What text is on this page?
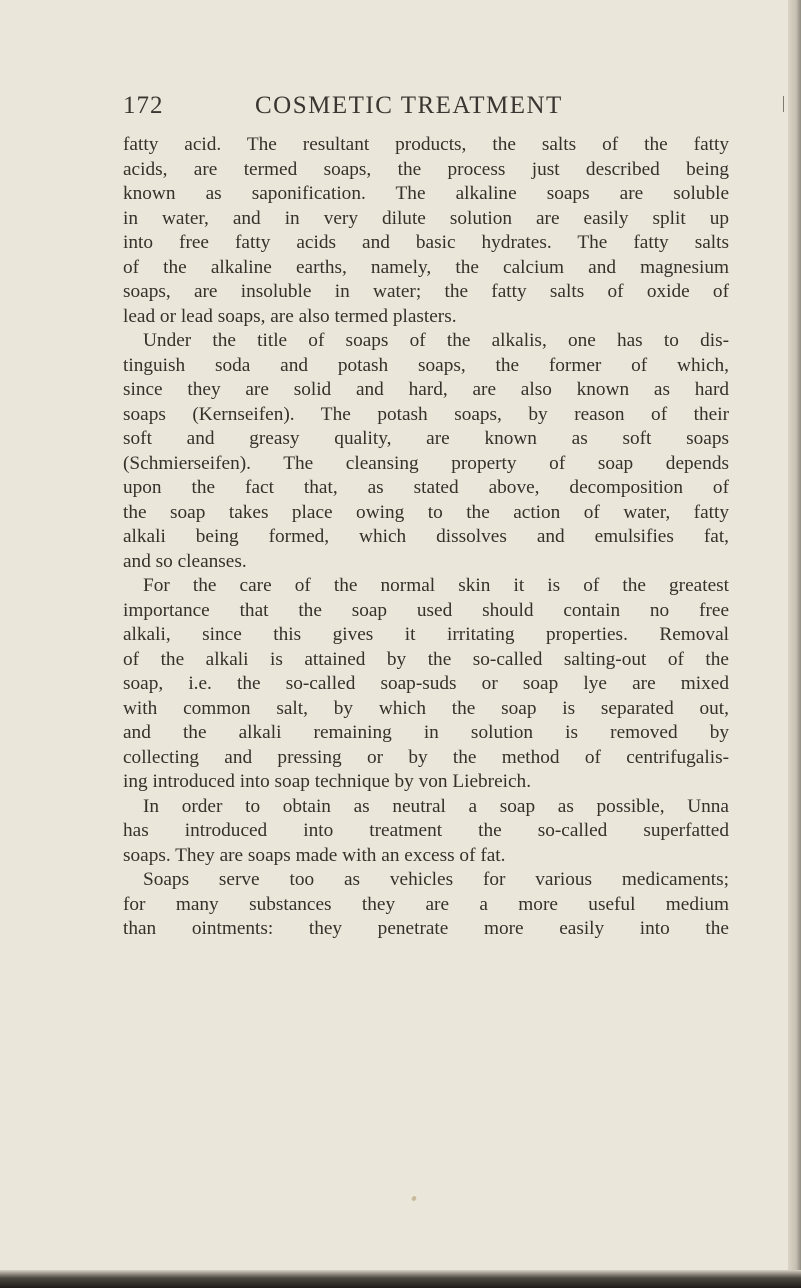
172	COSMETIC TREATMENT
fatty acid. The resultant products, the salts of the fatty
acids, are termed soaps, the process just described being
known as saponification. The alkaline soaps are soluble
in water, and in very dilute solution are easily split up
into free fatty acids and basic hydrates. The fatty salts
of the alkaline earths, namely, the calcium and magnesium
soaps, are insoluble in water; the fatty salts of oxide of
lead or lead soaps, are also termed plasters.
Under the title of soaps of the alkalis, one has to dis-
tinguish soda and potash soaps, the former of which,
since they are solid and hard, are also known as hard
soaps (Kernseifen). The potash soaps, by reason of their
soft and greasy quality, are known as soft soaps
(Schmierseifen). The cleansing property of soap depends
upon the fact that, as stated above, decomposition of
the soap takes place owing to the action of water, fatty
alkali being formed, which dissolves and emulsifies fat,
and so cleanses.
For the care of the normal skin it is of the greatest
importance that the soap used should contain no free
alkali, since this gives it irritating properties. Removal
of the alkali is attained by the so-called salting-out of the
soap, i.e. the so-called soap-suds or soap lye are mixed
with common salt, by which the soap is separated out,
and the alkali remaining in solution is removed by
collecting and pressing or by the method of centrifugalis-
ing introduced into soap technique by von Liebreich.
In order to obtain as neutral a soap as possible, Unna
has introduced into treatment the so-called superfatted
soaps. They are soaps made with an excess of fat.
Soaps serve too as vehicles for various medicaments;
for many substances they are a more useful medium
than ointments: they penetrate more easily into the
